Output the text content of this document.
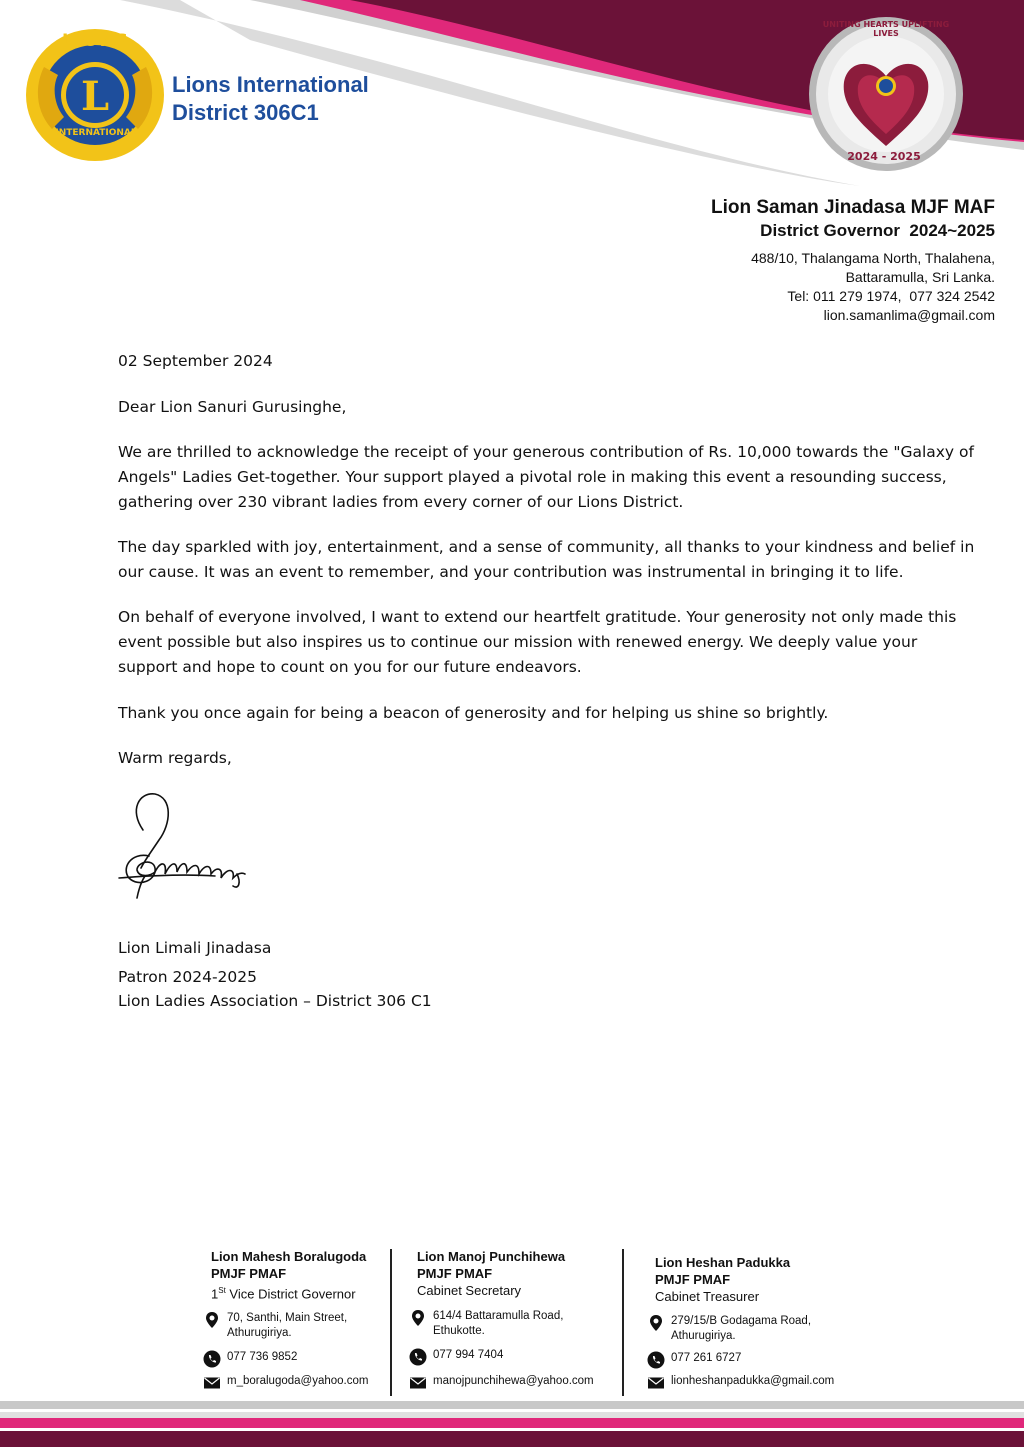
LIONS
L
INTERNATIONAL
Lions International
District 306C1
UNITING HEARTS UPLIFTING LIVES
2024 - 2025
Lion Saman Jinadasa MJF MAF
District Governor  2024~2025
488/10, Thalangama North, Thalahena,
Battaramulla, Sri Lanka.
Tel: 011 279 1974,  077 324 2542
lion.samanlima@gmail.com
02 September 2024
Dear Lion Sanuri Gurusinghe,

We are thrilled to acknowledge the receipt of your generous contribution of Rs. 10,000 towards the "Galaxy of Angels" Ladies Get-together. Your support played a pivotal role in making this event a resounding success, gathering over 230 vibrant ladies from every corner of our Lions District.

The day sparkled with joy, entertainment, and a sense of community, all thanks to your kindness and belief in our cause. It was an event to remember, and your contribution was instrumental in bringing it to life.

On behalf of everyone involved, I want to extend our heartfelt gratitude. Your generosity not only made this event possible but also inspires us to continue our mission with renewed energy. We deeply value your support and hope to count on you for our future endeavors.

Thank you once again for being a beacon of generosity and for helping us shine so brightly.
Warm regards,
Lion Limali Jinadasa
Patron 2024-2025
Lion Ladies Association – District 306 C1
Lion Mahesh Boralugoda
PMJF PMAF
1St Vice District Governor
70, Santhi, Main Street,
Athurugiriya.
077 736 9852
m_boralugoda@yahoo.com
Lion Manoj Punchihewa
PMJF PMAF
Cabinet Secretary
614/4 Battaramulla Road,
Ethukotte.
077 994 7404
manojpunchihewa@yahoo.com
Lion Heshan Padukka
PMJF PMAF
Cabinet Treasurer
279/15/B Godagama Road,
Athurugiriya.
077 261 6727
lionheshanpadukka@gmail.com
